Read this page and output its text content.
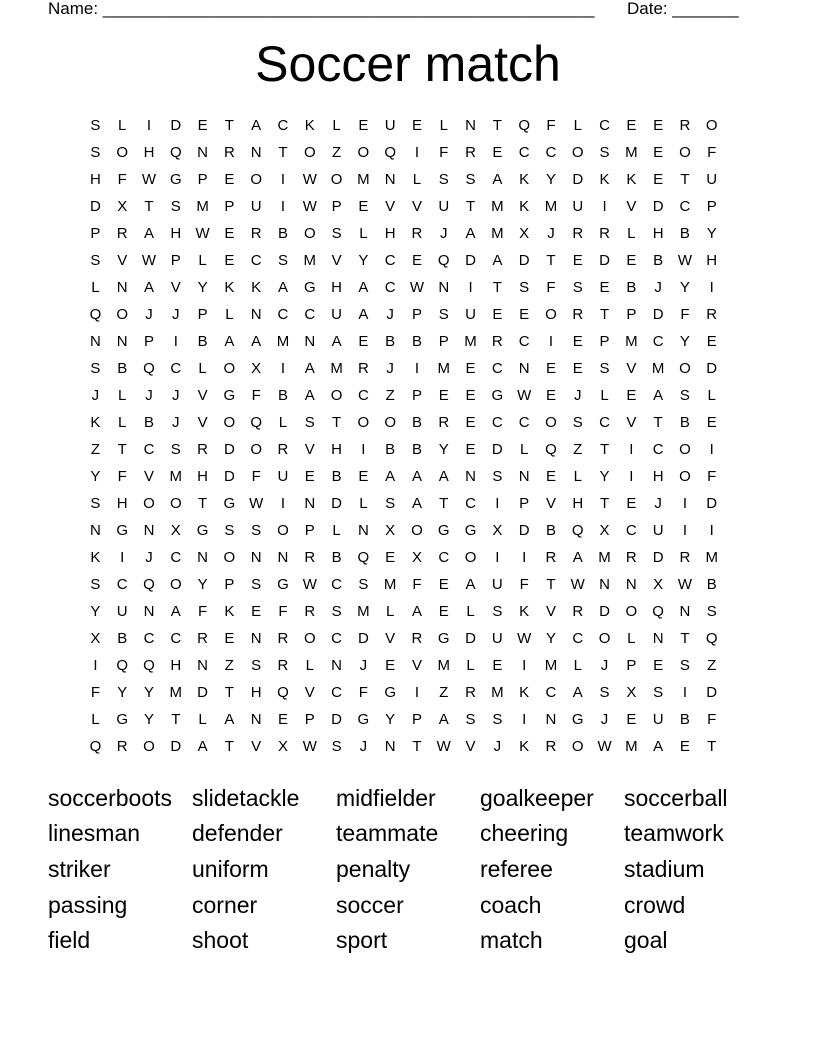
Name: ____________________________________________________ Date: _______
Soccer match
S	L	I	D	E	T	A	C	K	L	E	U	E	L	N	T	Q	F	L	C	E	E	R	O
S	O	H	Q	N	R	N	T	O	Z	O	Q	I	F	R	E	C	C	O	S	M	E	O	F
H	F	W G	P	E	O	I	W O M	N	L	S	S	A	K	Y	D	K	K	E	T	U
D	X	T	S	M	P	U	I	W P	E	V	V	U	T	M	K	M	U	I	V	D	C	P
P	R	A	H W E	R	B	O	S	L	H	R	J	A	M	X	J	R	R	L	H	B	Y
S	V W P	L	E	C	S	M	V	Y	C	E	Q	D	A	D	T	E	D	E	B W H
L	N	A	V	Y	K	K	A	G	H	A	C W N	I	T	S	F	S	E	B	J	Y	I
Q	O	J	J	P	L	N	C	C	U	A	J	P	S	U	E	E	O	R	T	P	D	F	R
N	N	P	I	B	A	A	M	N	A	E	B	B	P	M	R	C	I	E	P	M	C	Y	E
S	B	Q	C	L	O	X	I	A	M	R	J	I	M	E	C	N	E	E	S	V	M O	D
J	L	J	J	V	G	F	B	A	O	C	Z	P	E	E	G W E	J	L	E	A	S	L
K	L	B	J	V	O	Q	L	S	T	O	O	B	R	E	C	C	O	S	C	V	T	B	E
Z	T	C	S	R	D	O	R	V	H	I	B	B	Y	E	D	L	Q	Z	T	I	C	O	I
Y	F	V	M	H	D	F	U	E	B	E	A	A	A	N	S	N	E	L	Y	I	H	O	F
S	H	O	O	T	G W	I	N	D	L	S	A	T	C	I	P	V	H	T	E	J	I	D
N	G	N	X	G	S	S	O	P	L	N	X	O	G	G	X	D	B	Q	X	C	U	I	I
K	I	J	C	N	O	N	N	R	B	Q	E	X	C	O	I	I	R	A	M	R	D	R	M
S	C	Q	O	Y	P	S	G W C	S	M	F	E	A	U	F	T	W N	N	X W B
Y	U	N	A	F	K	E	F	R	S	M	L	A	E	L	S	K	V	R	D	O	Q	N	S
X	B	C	C	R	E	N	R	O	C	D	V	R	G	D	U W Y	C	O	L	N	T	Q
I	Q	Q	H	N	Z	S	R	L	N	J	E	V	M	L	E	I	M	L	J	P	E	S	Z
F	Y	Y	M	D	T	H	Q	V	C	F	G	I	Z	R	M	K	C	A	S	X	S	I	D
L	G	Y	T	L	A	N	E	P	D	G	Y	P	A	S	S	I	N	G	J	E	U	B	F
Q	R	O	D	A	T	V	X W S	J	N	T	W V	J	K	R	O W M	A	E	T
soccerboots slidetackle	midfielder	goalkeeper	soccerball
linesman	defender	teammate	cheering	teamwork
striker	uniform	penalty	referee	stadium
passing	corner	soccer	coach	crowd
field	shoot	sport	match	goal
